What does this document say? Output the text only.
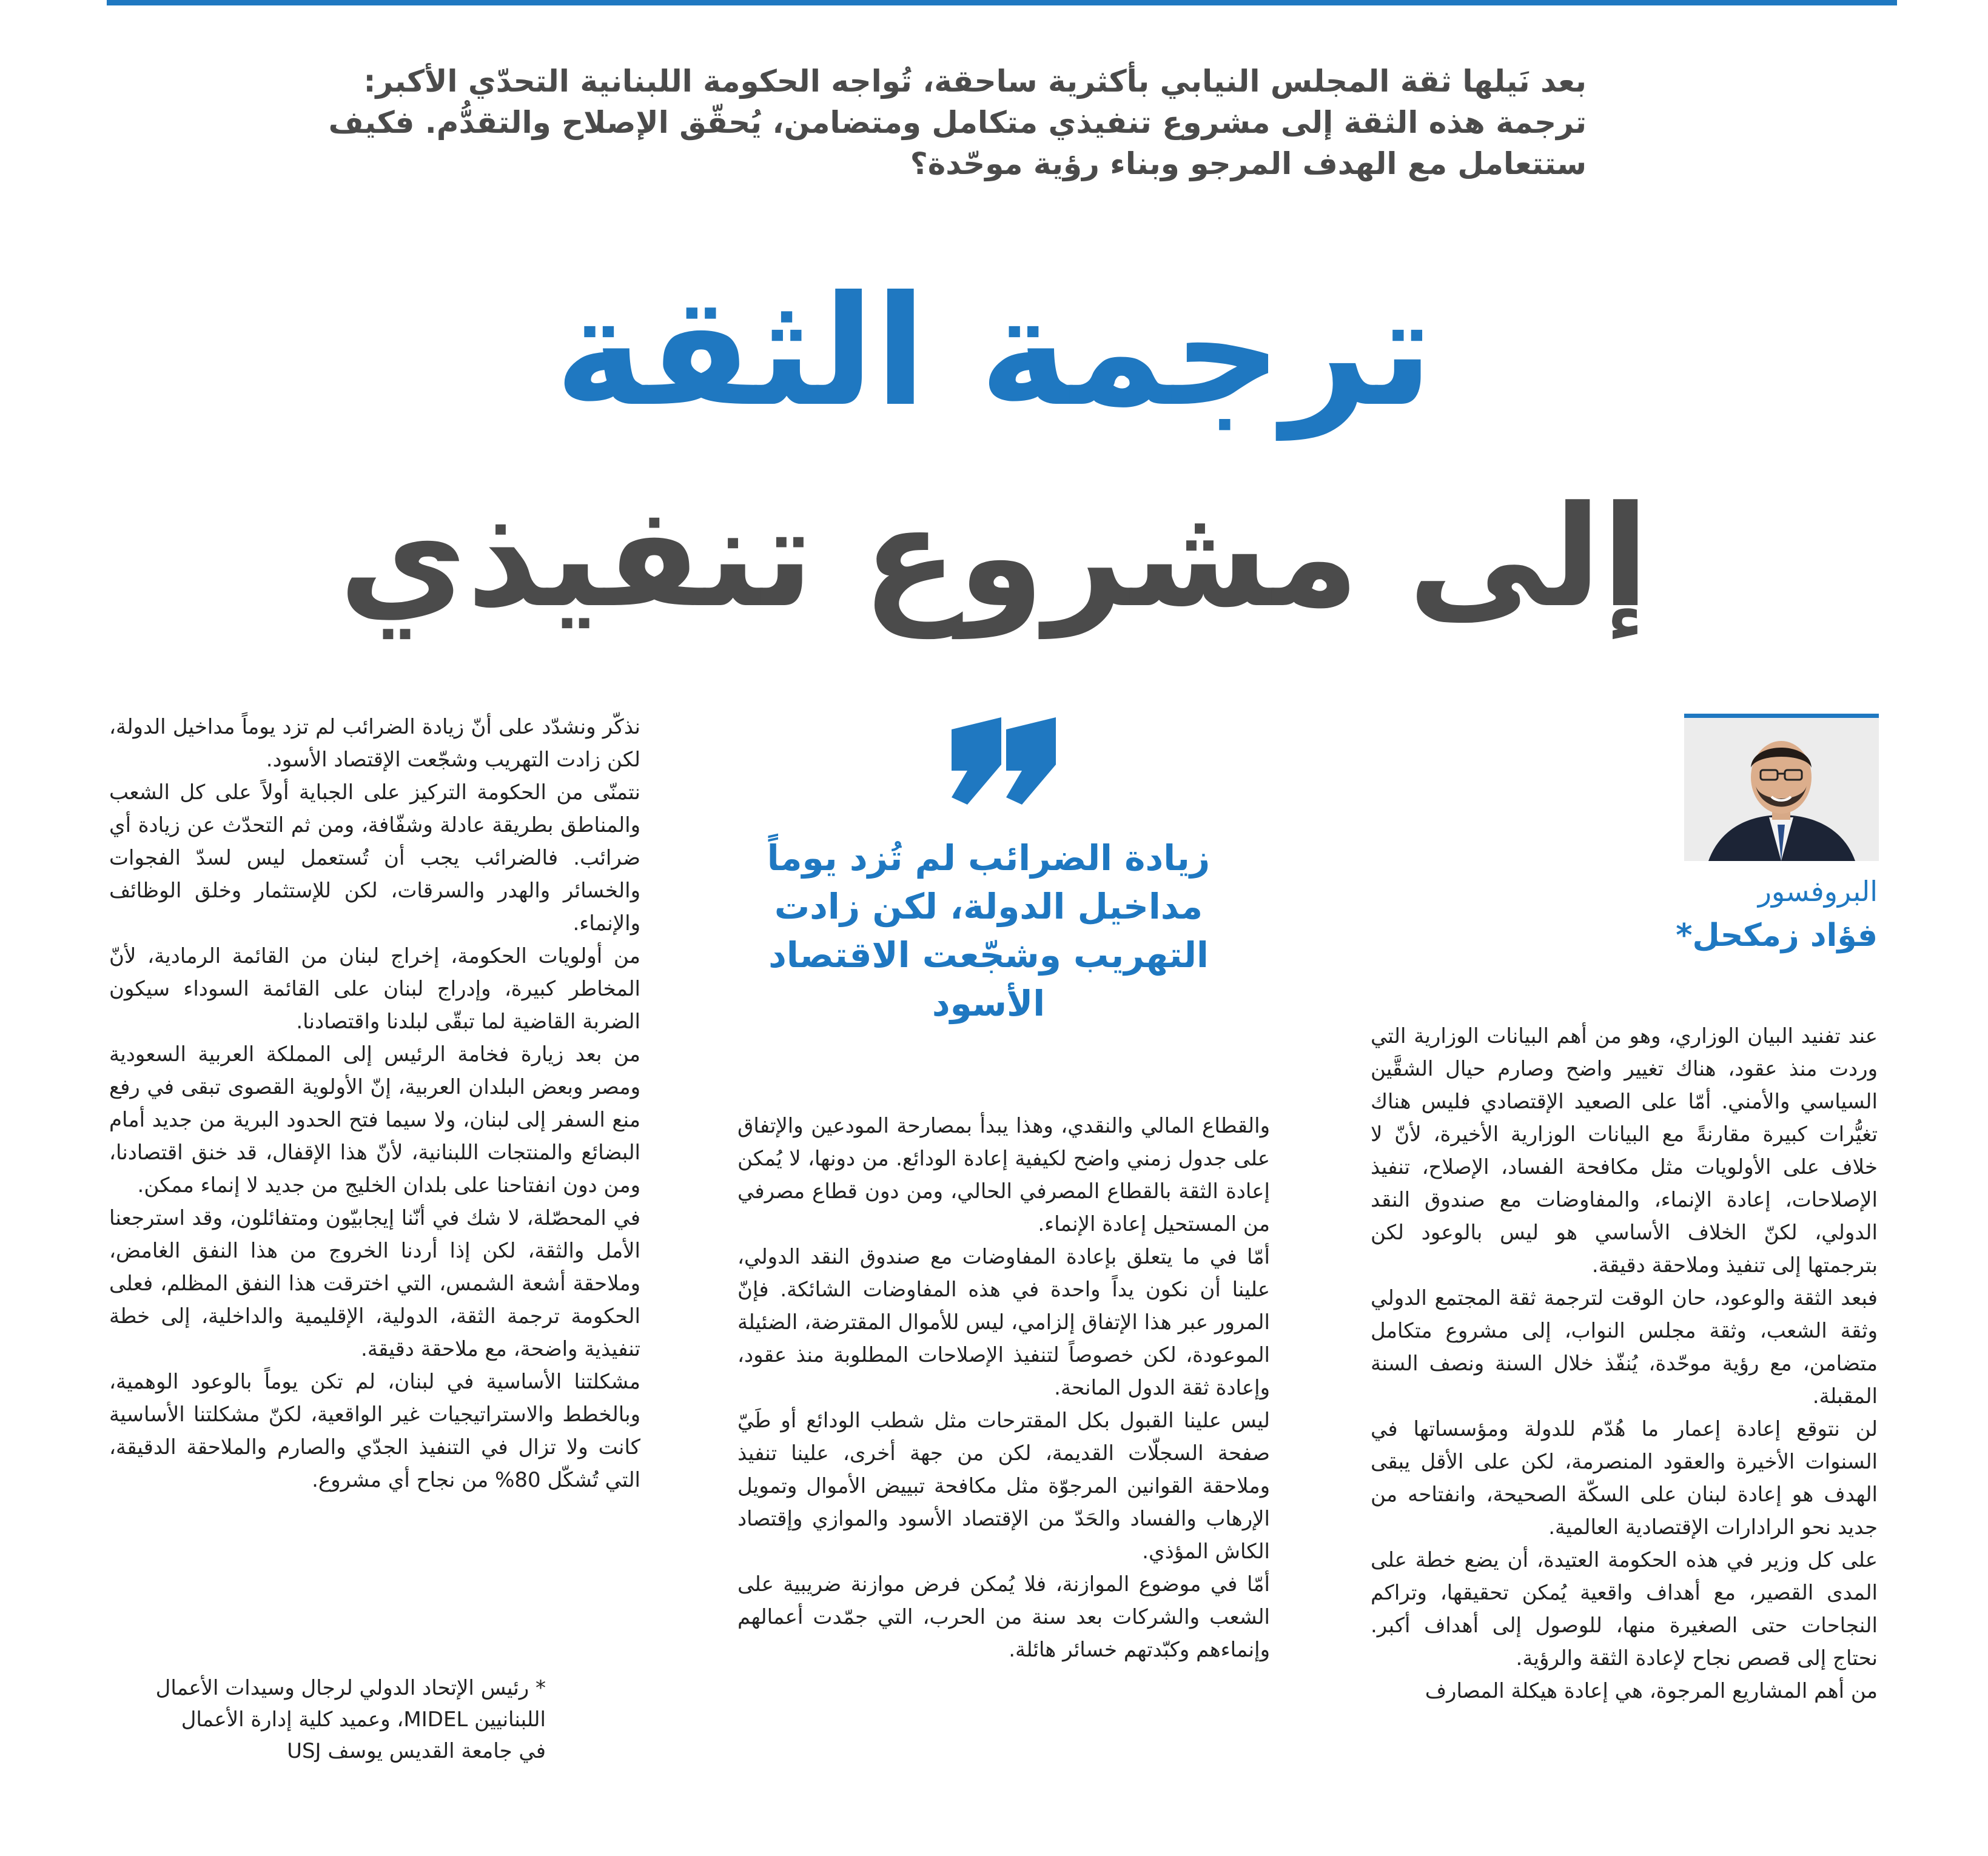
بعد نَيلها ثقة المجلس النيابي بأكثرية ساحقة، تُواجه الحكومة اللبنانية التحدّي الأكبر:

ترجمة هذه الثقة إلى مشروع تنفيذي متكامل ومتضامن، يُحقّق الإصلاح والتقدُّم. فكيف

ستتعامل مع الهدف المرجو وبناء رؤية موحّدة؟

ترجمة الثقة
إلى مشروع تنفيذي

البروفسور

فؤاد زمكحل*

زيادة الضرائب لم تُزد يوماً

مداخيل الدولة، لكن زادت

التهريب وشجّعت الاقتصاد

الأسود

عند تفنيد البيان الوزاري، وهو من أهم البيانات الوزارية التي وردت منذ عقود، هناك تغيير واضح وصارم حيال الشقَّين السياسي والأمني. أمّا على الصعيد الإقتصادي فليس هناك تغيُّرات كبيرة مقارنةً مع البيانات الوزارية الأخيرة، لأنّ لا خلاف على الأولويات مثل مكافحة الفساد، الإصلاح، تنفيذ الإصلاحات، إعادة الإنماء، والمفاوضات مع صندوق النقد الدولي، لكنّ الخلاف الأساسي هو ليس بالوعود لكن بترجمتها إلى تنفيذ وملاحقة دقيقة.

فبعد الثقة والوعود، حان الوقت لترجمة ثقة المجتمع الدولي وثقة الشعب، وثقة مجلس النواب، إلى مشروع متكامل متضامن، مع رؤية موحّدة، يُنفّذ خلال السنة ونصف السنة المقبلة.

لن نتوقع إعادة إعمار ما هُدّم للدولة ومؤسساتها في السنوات الأخيرة والعقود المنصرمة، لكن على الأقل يبقى الهدف هو إعادة لبنان على السكّة الصحيحة، وانفتاحه من جديد نحو الرادارات الإقتصادية العالمية.

على كل وزير في هذه الحكومة العتيدة، أن يضع خطة على المدى القصير، مع أهداف واقعية يُمكن تحقيقها، وتراكم النجاحات حتى الصغيرة منها، للوصول إلى أهداف أكبر. نحتاج إلى قصص نجاح لإعادة الثقة والرؤية.

من أهم المشاريع المرجوة، هي إعادة هيكلة المصارف

والقطاع المالي والنقدي، وهذا يبدأ بمصارحة المودعين والإتفاق على جدول زمني واضح لكيفية إعادة الودائع. من دونها، لا يُمكن إعادة الثقة بالقطاع المصرفي الحالي، ومن دون قطاع مصرفي من المستحيل إعادة الإنماء.

أمّا في ما يتعلق بإعادة المفاوضات مع صندوق النقد الدولي، علينا أن نكون يداً واحدة في هذه المفاوضات الشائكة. فإنّ المرور عبر هذا الإتفاق إلزامي، ليس للأموال المقترضة، الضئيلة الموعودة، لكن خصوصاً لتنفيذ الإصلاحات المطلوبة منذ عقود، وإعادة ثقة الدول المانحة.

ليس علينا القبول بكل المقترحات مثل شطب الودائع أو طَيّ صفحة السجلّات القديمة، لكن من جهة أخرى، علينا تنفيذ وملاحقة القوانين المرجوّة مثل مكافحة تبييض الأموال وتمويل الإرهاب والفساد والحَدّ من الإقتصاد الأسود والموازي وإقتصاد الكاش المؤذي.

أمّا في موضوع الموازنة، فلا يُمكن فرض موازنة ضريبية على الشعب والشركات بعد سنة من الحرب، التي جمّدت أعمالهم وإنماءهم وكبّدتهم خسائر هائلة.

نذكّر ونشدّد على أنّ زيادة الضرائب لم تزد يوماً مداخيل الدولة، لكن زادت التهريب وشجّعت الإقتصاد الأسود.

نتمنّى من الحكومة التركيز على الجباية أولاً على كل الشعب والمناطق بطريقة عادلة وشفّافة، ومن ثم التحدّث عن زيادة أي ضرائب. فالضرائب يجب أن تُستعمل ليس لسدّ الفجوات والخسائر والهدر والسرقات، لكن للإستثمار وخلق الوظائف والإنماء.

من أولويات الحكومة، إخراج لبنان من القائمة الرمادية، لأنّ المخاطر كبيرة، وإدراج لبنان على القائمة السوداء سيكون الضربة القاضية لما تبقّى لبلدنا واقتصادنا.

من بعد زيارة فخامة الرئيس إلى المملكة العربية السعودية ومصر وبعض البلدان العربية، إنّ الأولوية القصوى تبقى في رفع منع السفر إلى لبنان، ولا سيما فتح الحدود البرية من جديد أمام البضائع والمنتجات اللبنانية، لأنّ هذا الإقفال، قد خنق اقتصادنا، ومن دون انفتاحنا على بلدان الخليج من جديد لا إنماء ممكن.

في المحصّلة، لا شك في أنّنا إيجابيّون ومتفائلون، وقد استرجعنا الأمل والثقة، لكن إذا أردنا الخروج من هذا النفق الغامض، وملاحقة أشعة الشمس، التي اخترقت هذا النفق المظلم، فعلى الحكومة ترجمة الثقة، الدولية، الإقليمية والداخلية، إلى خطة تنفيذية واضحة، مع ملاحقة دقيقة.

مشكلتنا الأساسية في لبنان، لم تكن يوماً بالوعود الوهمية، وبالخطط والاستراتيجيات غير الواقعية، لكنّ مشكلتنا الأساسية كانت ولا تزال في التنفيذ الجدّي والصارم والملاحقة الدقيقة، التي تُشكّل 80% من نجاح أي مشروع.

* رئيس الإتحاد الدولي لرجال وسيدات الأعمال

اللبنانيين MIDEL، وعميد كلية إدارة الأعمال

في جامعة القديس يوسف USJ
